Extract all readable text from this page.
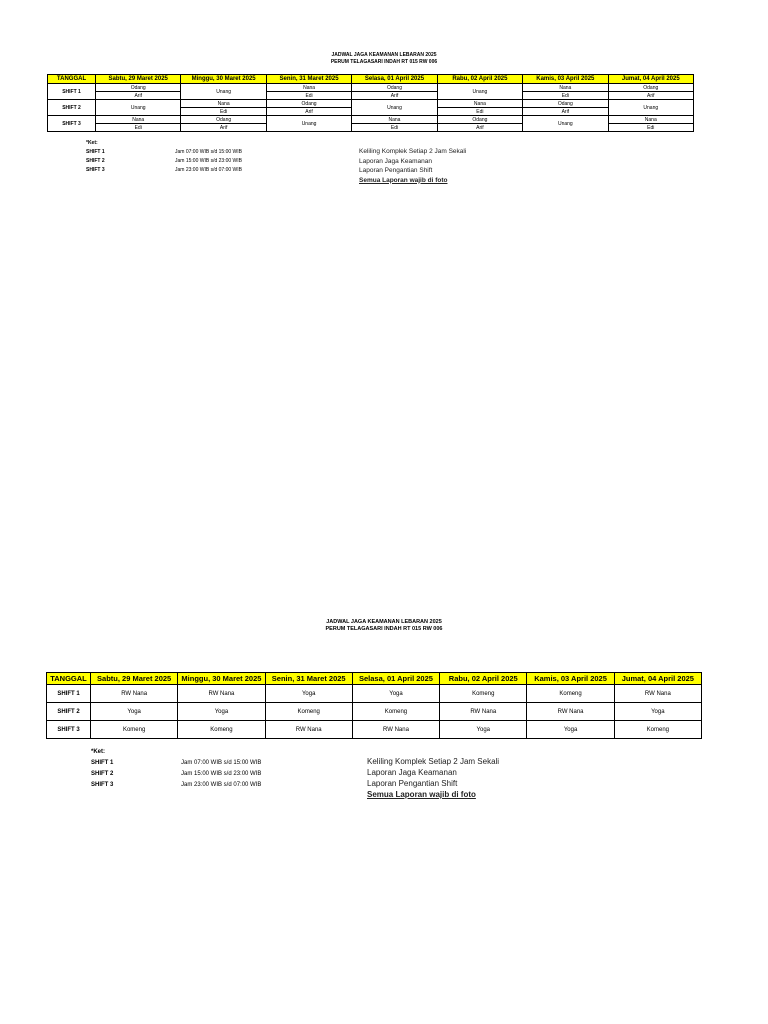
JADWAL JAGA KEAMANAN LEBARAN 2025
PERUM TELAGASARI INDAH RT 015 RW 006
TANGGAL	Sabtu, 29 Maret 2025	Minggu, 30 Maret 2025	Senin, 31 Maret 2025	Selasa, 01 April 2025	Rabu, 02 April 2025	Kamis, 03 April 2025	Jumat, 04 April 2025
SHIFT 1	Odang	Unang	Nana	Odang	Unang	Nana	Odang
	Arif		Edi	Arif		Edi	Arif
SHIFT 2	Unang	Nana	Odang	Unang	Nana	Odang	Unang
		Edi	Arif		Edi	Arif	
SHIFT 3	Nana	Odang	Unang	Nana	Odang	Unang	Nana
	Edi	Arif		Edi	Arif		Edi
*Ket:
SHIFT 1	Jam 07:00 WIB s/d 15:00 WIB
SHIFT 2	Jam 15:00 WIB s/d 23:00 WIB
SHIFT 3	Jam 23:00 WIB s/d 07:00 WIB
Keliling Komplek Setiap 2 Jam Sekali
Laporan Jaga Keamanan
Laporan Pengantian Shift
Semua Laporan wajib di foto
JADWAL JAGA KEAMANAN LEBARAN 2025
PERUM TELAGASARI INDAH RT 015 RW 006
TANGGAL	Sabtu, 29 Maret 2025	Minggu, 30 Maret 2025	Senin, 31 Maret 2025	Selasa, 01 April 2025	Rabu, 02 April 2025	Kamis, 03 April 2025	Jumat, 04 April 2025
SHIFT 1	RW Nana	RW Nana	Yoga	Yoga	Komeng	Komeng	RW Nana
SHIFT 2	Yoga	Yoga	Komeng	Komeng	RW Nana	RW Nana	Yoga
SHIFT 3	Komeng	Komeng	RW Nana	RW Nana	Yoga	Yoga	Komeng
*Ket:
SHIFT 1	Jam 07:00 WIB s/d 15:00 WIB
SHIFT 2	Jam 15:00 WIB s/d 23:00 WIB
SHIFT 3	Jam 23:00 WIB s/d 07:00 WIB
Keliling Komplek Setiap 2 Jam Sekali
Laporan Jaga Keamanan
Laporan Pengantian Shift
Semua Laporan wajib di foto
